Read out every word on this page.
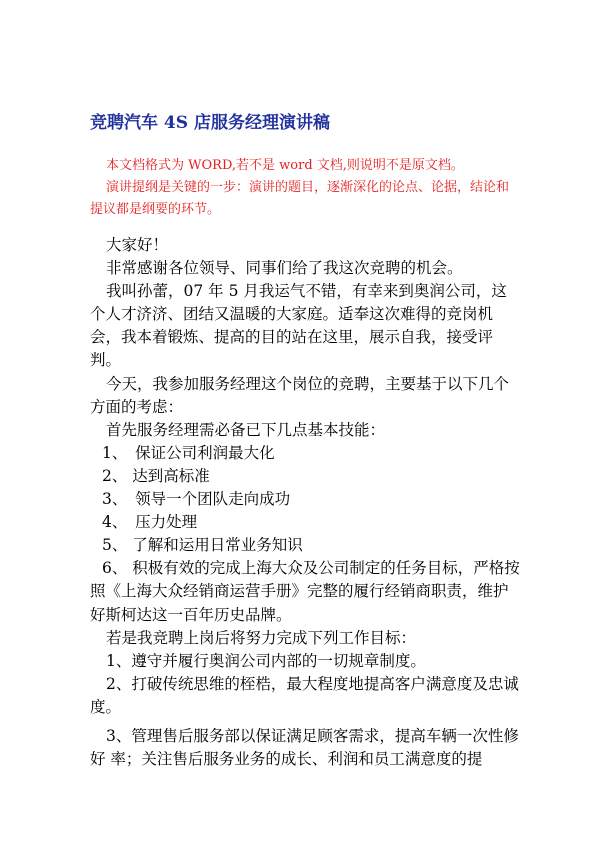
竞聘汽车 4S 店服务经理演讲稿

本文档格式为 WORD,若不是 word 文档,则说明不是原文档。

演讲提纲是关键的一步：演讲的题目，逐渐深化的论点、论据，结论和提议都是纲要的环节。

大家好！

非常感谢各位领导、同事们给了我这次竞聘的机会。

我叫孙蕾，07 年 5 月我运气不错，有幸来到奥润公司，这个人才济济、团结又温暖的大家庭。适奉这次难得的竞岗机会，我本着锻炼、提高的目的站在这里，展示自我，接受评判。

今天，我参加服务经理这个岗位的竞聘，主要基于以下几个方面的考虑：

首先服务经理需必备已下几点基本技能：

1、　保证公司利润最大化

2、 达到高标准

3、　领导一个团队走向成功

4、　压力处理

5、 了解和运用日常业务知识

6、 积极有效的完成上海大众及公司制定的任务目标，严格按照《上海大众经销商运营手册》完整的履行经销商职责，维护好斯柯达这一百年历史品牌。

若是我竞聘上岗后将努力完成下列工作目标：

1、遵守并履行奥润公司内部的一切规章制度。

2、打破传统思维的桎梏，最大程度地提高客户满意度及忠诚度。

3、管理售后服务部以保证满足顾客需求，提高车辆一次性修好 率；关注售后服务业务的成长、利润和员工满意度的提
